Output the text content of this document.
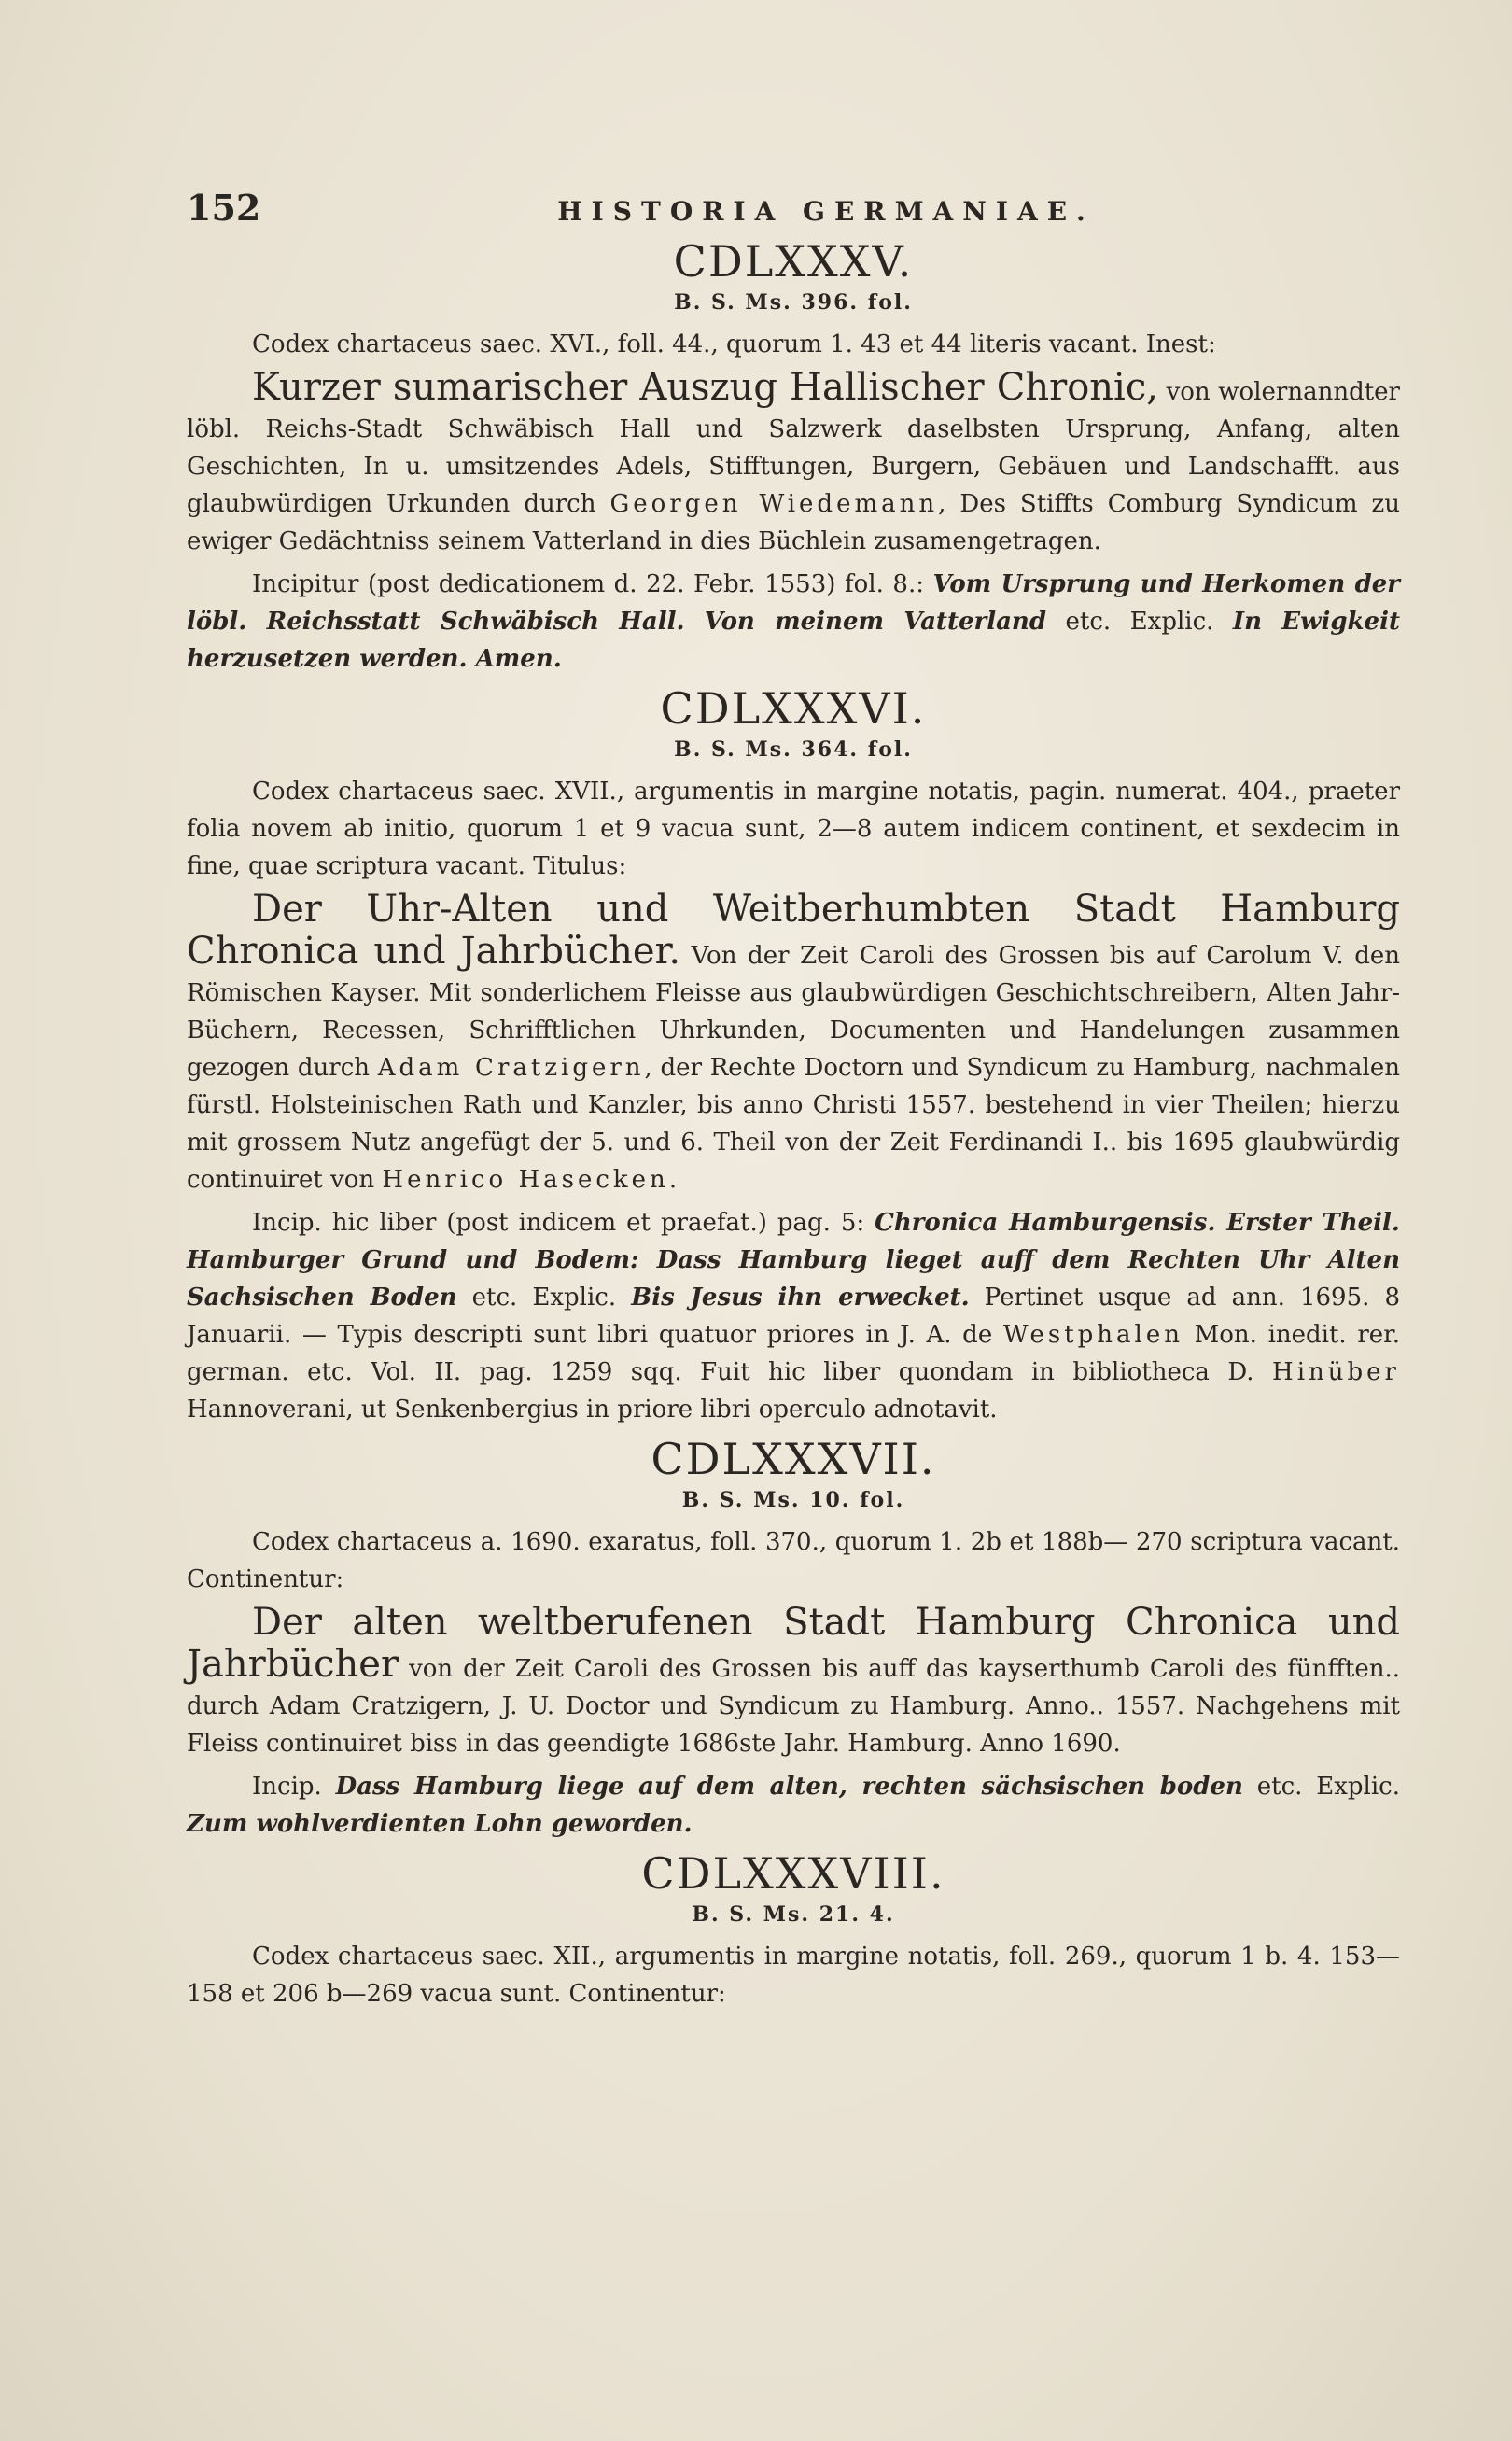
152	HISTORIA GERMANIAE.
CDLXXXV.
B. S. Ms. 396. fol.

Codex chartaceus saec. XVI., foll. 44., quorum 1. 43 et 44 literis vacant. Inest:

Kurzer sumarischer Auszug Hallischer Chronic, von wolernanndter löbl. Reichs-Stadt Schwäbisch Hall und Salzwerk daselbsten Ursprung, Anfang, alten Geschichten, In u. umsitzendes Adels, Stifftungen, Burgern, Gebäuen und Landschafft. aus glaubwürdigen Urkunden durch Georgen Wiedemann, Des Stiffts Comburg Syndicum zu ewiger Gedächtniss seinem Vatterland in dies Büchlein zusamengetragen.

Incipitur (post dedicationem d. 22. Febr. 1553) fol. 8.: Vom Ursprung und Herkomen der löbl. Reichsstatt Schwäbisch Hall. Von meinem Vatterland etc. Explic. In Ewigkeit herzusetzen werden. Amen.

CDLXXXVI.
B. S. Ms. 364. fol.

Codex chartaceus saec. XVII., argumentis in margine notatis, pagin. numerat. 404., praeter folia novem ab initio, quorum 1 et 9 vacua sunt, 2—8 autem indicem continent, et sexdecim in fine, quae scriptura vacant. Titulus:

Der Uhr-Alten und Weitberhumbten Stadt Hamburg Chronica und Jahrbücher. Von der Zeit Caroli des Grossen bis auf Carolum V. den Römischen Kayser. Mit sonderlichem Fleisse aus glaubwürdigen Geschichtschreibern, Alten Jahr-Büchern, Recessen, Schrifftlichen Uhrkunden, Documenten und Handelungen zusammen gezogen durch Adam Cratzigern, der Rechte Doctorn und Syndicum zu Hamburg, nachmalen fürstl. Holsteinischen Rath und Kanzler, bis anno Christi 1557. bestehend in vier Theilen; hierzu mit grossem Nutz angefügt der 5. und 6. Theil von der Zeit Ferdinandi I.. bis 1695 glaubwürdig continuiret von Henrico Hasecken.

Incip. hic liber (post indicem et praefat.) pag. 5: Chronica Hamburgensis. Erster Theil. Hamburger Grund und Bodem: Dass Hamburg lieget auff dem Rechten Uhr Alten Sachsischen Boden etc. Explic. Bis Jesus ihn erwecket. Pertinet usque ad ann. 1695. 8 Januarii. — Typis descripti sunt libri quatuor priores in J. A. de Westphalen Mon. inedit. rer. german. etc. Vol. II. pag. 1259 sqq. Fuit hic liber quondam in bibliotheca D. Hinüber Hannoverani, ut Senkenbergius in priore libri operculo adnotavit.

CDLXXXVII.
B. S. Ms. 10. fol.

Codex chartaceus a. 1690. exaratus, foll. 370., quorum 1. 2b et 188b— 270 scriptura vacant. Continentur:

Der alten weltberufenen Stadt Hamburg Chronica und Jahrbücher von der Zeit Caroli des Grossen bis auff das kayserthumb Caroli des fünfften.. durch Adam Cratzigern, J. U. Doctor und Syndicum zu Hamburg. Anno.. 1557. Nachgehens mit Fleiss continuiret biss in das geendigte 1686ste Jahr. Hamburg. Anno 1690.

Incip. Dass Hamburg liege auf dem alten, rechten sächsischen boden etc. Explic. Zum wohlverdienten Lohn geworden.

CDLXXXVIII.
B. S. Ms. 21. 4.

Codex chartaceus saec. XII., argumentis in margine notatis, foll. 269., quorum 1 b. 4. 153—158 et 206 b—269 vacua sunt. Continentur:
